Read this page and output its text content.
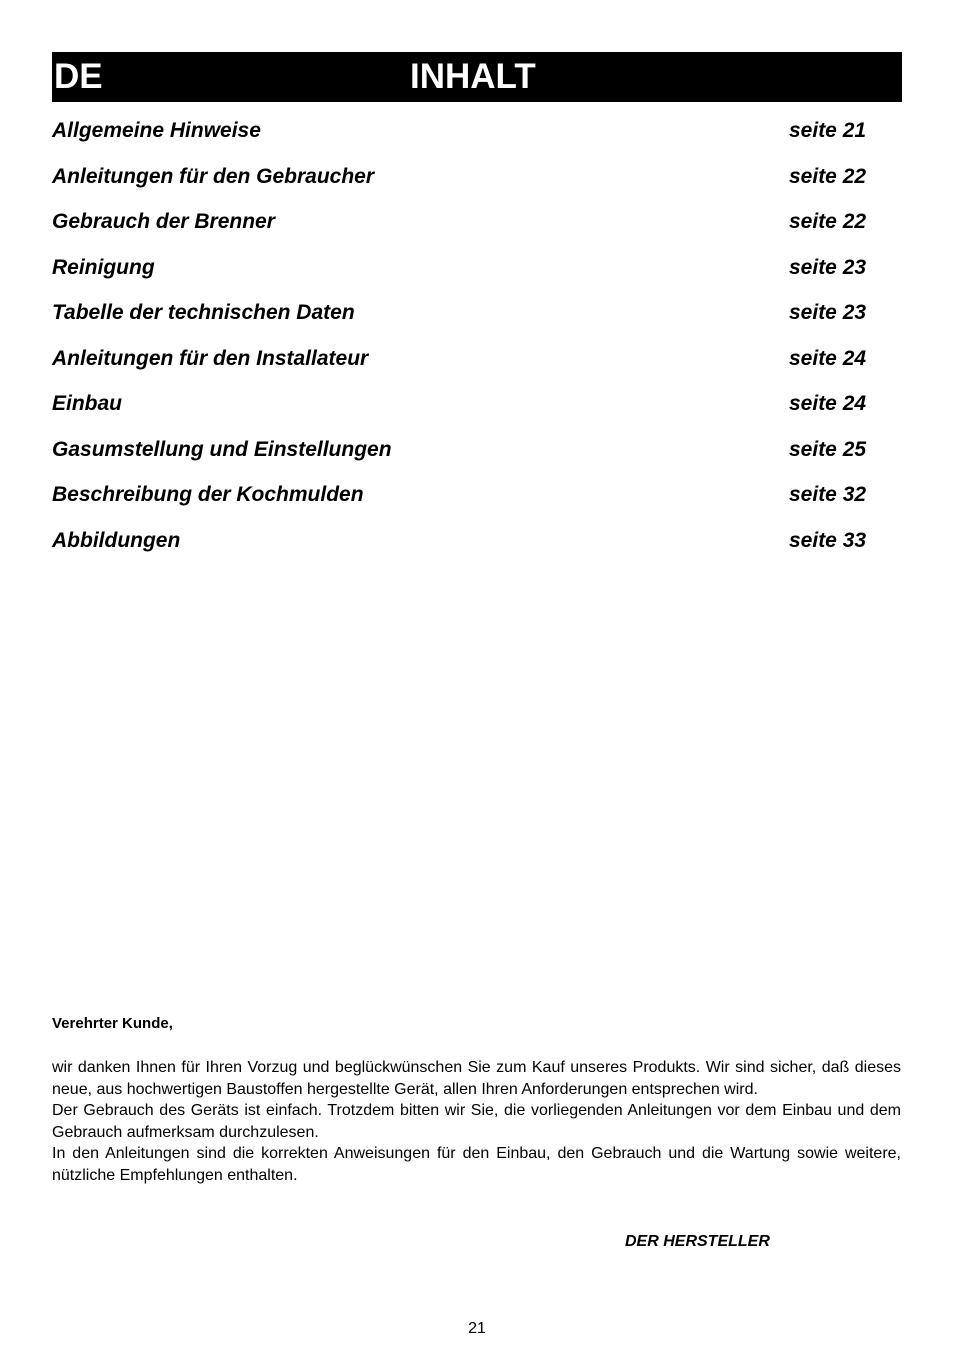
DE	INHALT
Allgemeine Hinweise	seite 21
Anleitungen für den Gebraucher	seite 22
Gebrauch der Brenner	seite 22
Reinigung	seite 23
Tabelle der technischen Daten	seite 23
Anleitungen für den Installateur	seite 24
Einbau	seite 24
Gasumstellung und Einstellungen	seite 25
Beschreibung der Kochmulden	seite 32
Abbildungen	seite 33
Verehrter Kunde,

wir danken Ihnen für Ihren Vorzug und beglückwünschen Sie zum Kauf unseres Produkts. Wir sind sicher, daß dieses neue, aus hochwertigen Baustoffen hergestellte Gerät, allen Ihren Anforderungen entsprechen wird.

Der Gebrauch des Geräts ist einfach. Trotzdem bitten wir Sie, die vorliegenden Anleitungen vor dem Einbau und dem Gebrauch aufmerksam durchzulesen.

In den Anleitungen sind die korrekten Anweisungen für den Einbau, den Gebrauch und die Wartung sowie weitere, nützliche Empfehlungen enthalten.

DER HERSTELLER
21
